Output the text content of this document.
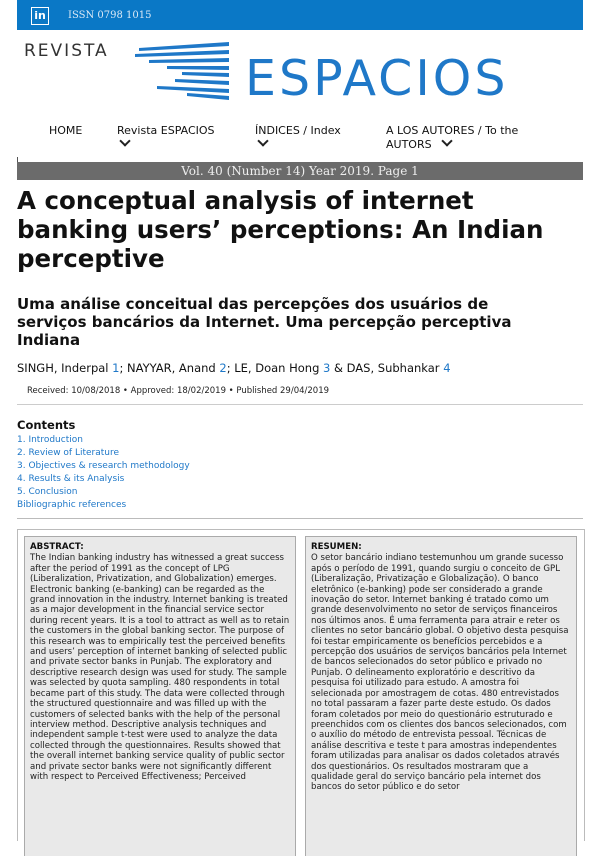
in	ISSN 0798 1015
REVISTA	ESPACIOS
HOME	Revista ESPACIOS	ÍNDICES / Index	A LOS AUTORES / To the
AUTORS
Vol. 40 (Number 14) Year 2019. Page 1
A conceptual analysis of internet banking users’ perceptions: An Indian perceptive
Uma análise conceitual das percepções dos usuários de serviços bancários da Internet. Uma percepção perceptiva Indiana
SINGH, Inderpal 1; NAYYAR, Anand 2; LE, Doan Hong 3 & DAS, Subhankar 4
Received: 10/08/2018 • Approved: 18/02/2019 • Published 29/04/2019
Contents
1. Introduction
2. Review of Literature
3. Objectives & research methodology
4. Results & its Analysis
5. Conclusion
Bibliographic references
ABSTRACT:
The Indian banking industry has witnessed a great success after the period of 1991 as the concept of LPG (Liberalization, Privatization, and Globalization) emerges. Electronic banking (e-banking) can be regarded as the grand innovation in the industry. Internet banking is treated as a major development in the financial service sector during recent years. It is a tool to attract as well as to retain the customers in the global banking sector. The purpose of this research was to empirically test the perceived benefits and users’ perception of internet banking of selected public and private sector banks in Punjab. The exploratory and descriptive research design was used for study. The sample was selected by quota sampling. 480 respondents in total became part of this study. The data were collected through the structured questionnaire and was filled up with the customers of selected banks with the help of the personal interview method. Descriptive analysis techniques and independent sample t-test were used to analyze the data collected through the questionnaires. Results showed that the overall internet banking service quality of public sector and private sector banks were not significantly different with respect to Perceived Effectiveness; Perceived
RESUMEN:
O setor bancário indiano testemunhou um grande sucesso após o período de 1991, quando surgiu o conceito de GPL (Liberalização, Privatização e Globalização). O banco eletrônico (e-banking) pode ser considerado a grande inovação do setor. Internet banking é tratado como um grande desenvolvimento no setor de serviços financeiros nos últimos anos. É uma ferramenta para atrair e reter os clientes no setor bancário global. O objetivo desta pesquisa foi testar empiricamente os benefícios percebidos e a percepção dos usuários de serviços bancários pela Internet de bancos selecionados do setor público e privado no Punjab. O delineamento exploratório e descritivo da pesquisa foi utilizado para estudo. A amostra foi selecionada por amostragem de cotas. 480 entrevistados no total passaram a fazer parte deste estudo. Os dados foram coletados por meio do questionário estruturado e preenchidos com os clientes dos bancos selecionados, com o auxílio do método de entrevista pessoal. Técnicas de análise descritiva e teste t para amostras independentes foram utilizadas para analisar os dados coletados através dos questionários. Os resultados mostraram que a qualidade geral do serviço bancário pela internet dos bancos do setor público e do setor
